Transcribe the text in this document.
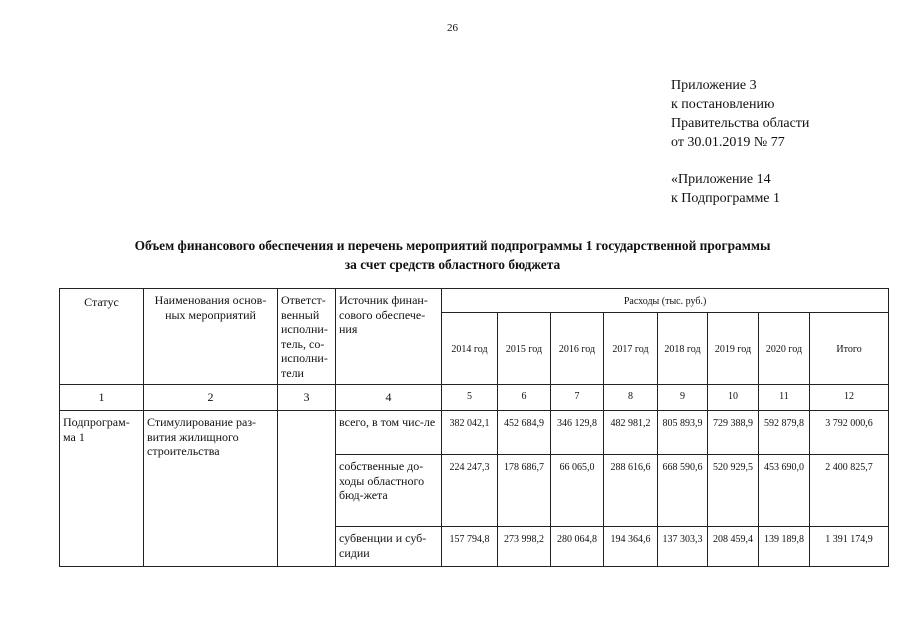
26
Приложение 3
к постановлению
Правительства области
от 30.01.2019 № 77
«Приложение 14
к Подпрограмме 1
Объем финансового обеспечения и перечень мероприятий подпрограммы 1 государственной программы
за счет средств областного бюджета
Статус	Наименования основ-ных мероприятий	Ответст-венный исполни-тель, со-исполни-тели	Источник финан-сового обеспече-ния	Расходы (тыс. руб.)							
				2014 год	2015 год	2016 год	2017 год	2018 год	2019 год	2020 год	Итого
1	2	3	4	5	6	7	8	9	10	11	12
Подпрограм-ма 1	Стимулирование раз-вития жилищного строительства		всего, в том чис-ле	382 042,1	452 684,9	346 129,8	482 981,2	805 893,9	729 388,9	592 879,8	3 792 000,6
			собственные до-ходы областного бюд-жета	224 247,3	178 686,7	66 065,0	288 616,6	668 590,6	520 929,5	453 690,0	2 400 825,7
			субвенции и суб-сидии	157 794,8	273 998,2	280 064,8	194 364,6	137 303,3	208 459,4	139 189,8	1 391 174,9
